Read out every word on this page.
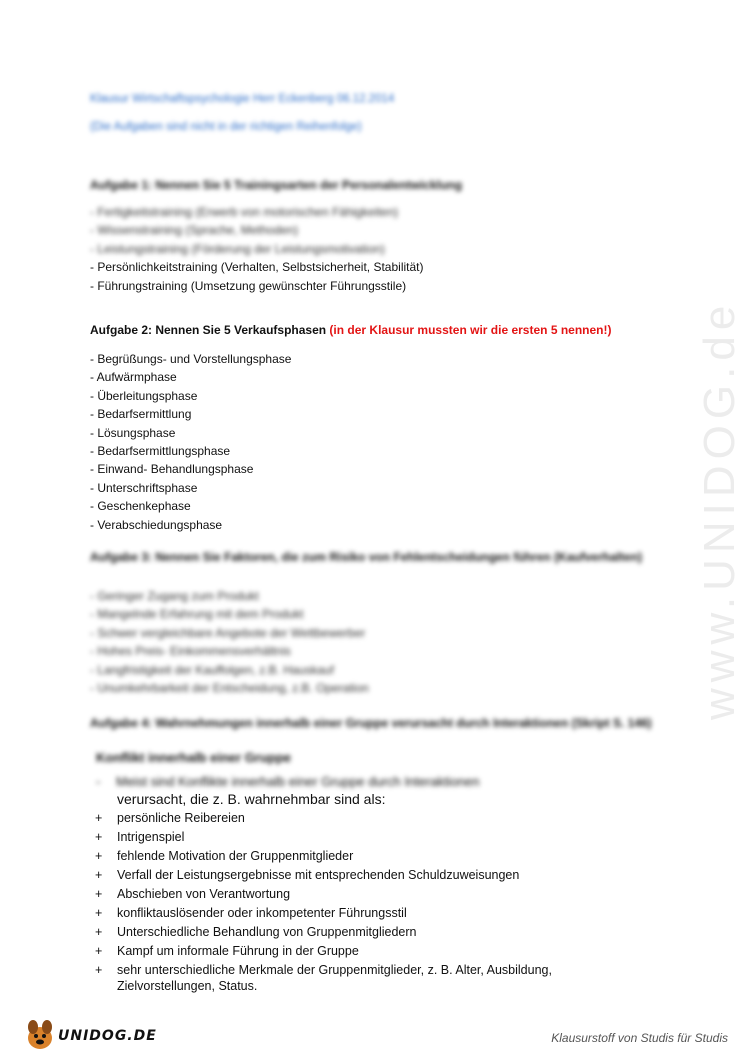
Klausur Wirtschaftspsychologie Herr Eckenberg 06.12.2014
(Die Aufgaben sind nicht in der richtigen Reihenfolge)
Aufgabe 1: Nennen Sie 5 Trainingsarten der Personalentwicklung
- Fertigkeitstraining (Erwerb von motorischen Fähigkeiten)
- Wissenstraining (Sprache, Methoden)
- Leistungstraining (Förderung der Leistungsmotivation)
- Persönlichkeitstraining (Verhalten, Selbstsicherheit, Stabilität)
- Führungstraining (Umsetzung gewünschter Führungsstile)
Aufgabe 2: Nennen Sie 5 Verkaufsphasen (in der Klausur mussten wir die ersten 5 nennen!)
- Begrüßungs- und Vorstellungsphase
- Aufwärmphase
- Überleitungsphase
- Bedarfsermittlung
- Lösungsphase
- Bedarfsermittlungsphase
- Einwand- Behandlungsphase
- Unterschriftsphase
- Geschenkephase
- Verabschiedungsphase
Aufgabe 3: Nennen Sie Faktoren, die zum Risiko von Fehlentscheidungen führen (Kaufverhalten)
- Geringer Zugang zum Produkt
- Mangelnde Erfahrung mit dem Produkt
- Schwer vergleichbare Angebote der Wettbewerber
- Hohes Preis- Einkommensverhältnis
- Langfristigkeit der Kauffolgen, z.B. Hauskauf
- Unumkehrbarkeit der Entscheidung, z.B. Operation
Aufgabe 4: Wahrnehmungen innerhalb einer Gruppe verursacht durch Interaktionen (Skript S. 146)
Konflikt innerhalb einer Gruppe
- Meist sind Konflikte innerhalb einer Gruppe durch Interaktionen
verursacht, die z. B. wahrnehmbar sind als:
+ persönliche Reibereien
+ Intrigenspiel
+ fehlende Motivation der Gruppenmitglieder
+ Verfall der Leistungsergebnisse mit entsprechenden Schuldzuweisungen
+ Abschieben von Verantwortung
+ konfliktauslösender oder inkompetenter Führungsstil
+ Unterschiedliche Behandlung von Gruppenmitgliedern
+ Kampf um informale Führung in der Gruppe
+ sehr unterschiedliche Merkmale der Gruppenmitglieder, z. B. Alter, Ausbildung, Zielvorstellungen, Status.
www.UNIDOG.de
UNIDOG.DE	Klausurstoff von Studis für Studis
